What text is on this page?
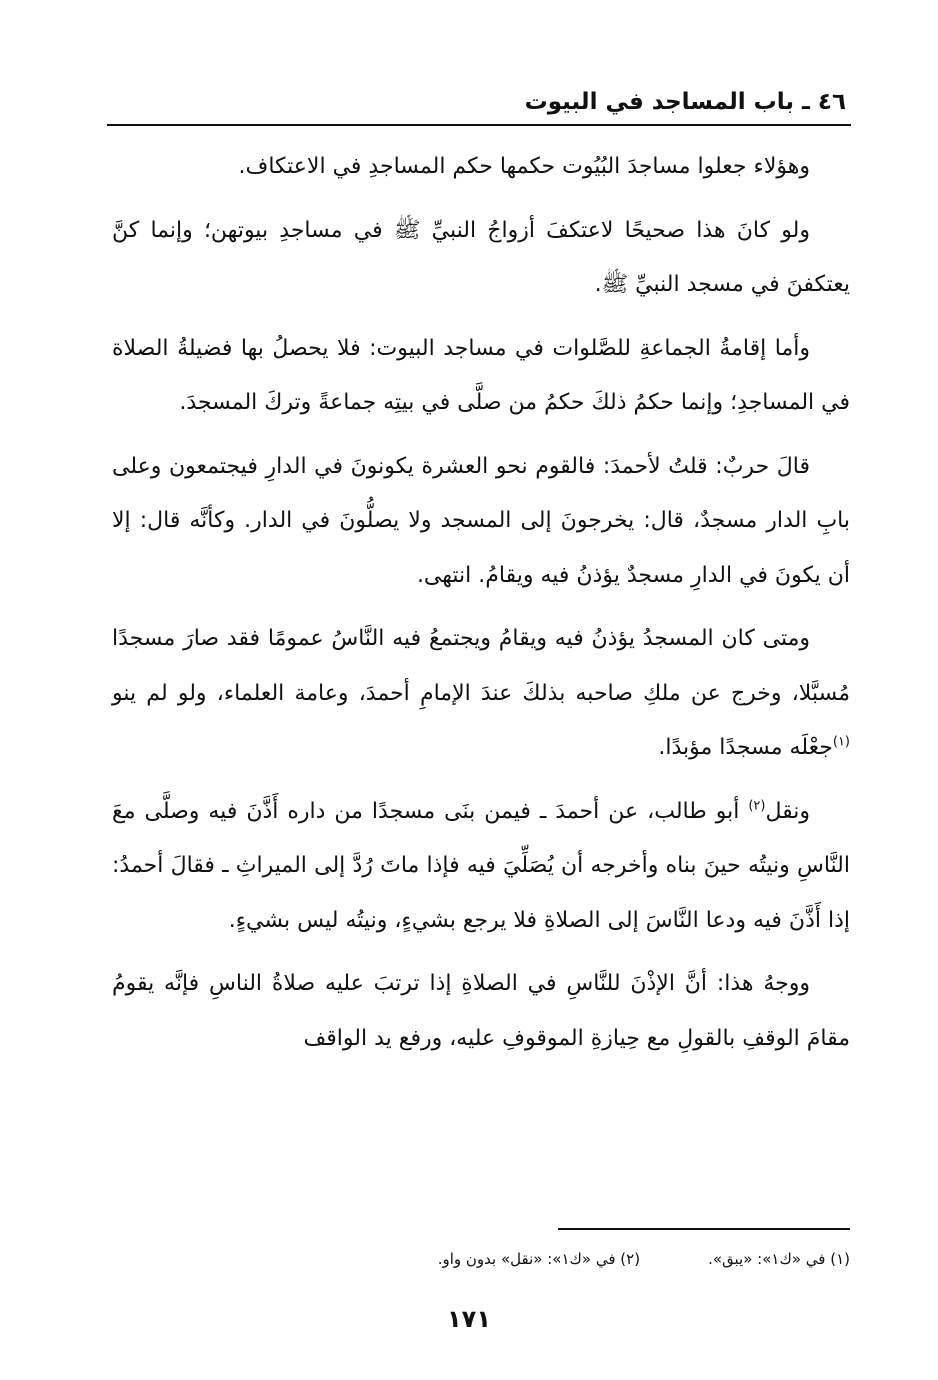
٤٦ ـ باب المساجد في البيوت

وهؤلاء جعلوا مساجدَ البُيُوت حكمها حكم المساجدِ في الاعتكاف.

ولو كانَ هذا صحيحًا لاعتكفَ أزواجُ النبيِّ ﷺ في مساجدِ بيوتهن؛ وإنما كنَّ يعتكفنَ في مسجد النبيِّ ﷺ.

وأما إقامةُ الجماعةِ للصَّلوات في مساجد البيوت: فلا يحصلُ بها فضيلةُ الصلاة في المساجدِ؛ وإنما حكمُ ذلكَ حكمُ من صلَّى في بيتِه جماعةً وتركَ المسجدَ.

قالَ حربٌ: قلتُ لأحمدَ: فالقوم نحو العشرة يكونونَ في الدارِ فيجتمعون وعلى بابِ الدار مسجدٌ، قال: يخرجونَ إلى المسجد ولا يصلُّونَ في الدار. وكأنَّه قال: إلا أن يكونَ في الدارِ مسجدٌ يؤذنُ فيه ويقامُ. انتهى.

ومتى كان المسجدُ يؤذنُ فيه ويقامُ ويجتمعُ فيه النَّاسُ عمومًا فقد صارَ مسجدًا مُسبَّلا، وخرج عن ملكِ صاحبه بذلكَ عندَ الإمامِ أحمدَ، وعامة العلماء، ولو لم ينو $^{(١)}$جعْلَه مسجدًا مؤبدًا.

ونقل$^{(٢)}$ أبو طالب، عن أحمدَ ـ فيمن بنَى مسجدًا من داره أَذَّنَ فيه وصلَّى معَ النَّاسِ ونيتُه حينَ بناه وأخرجه أن يُصَلِّيَ فيه فإذا ماتَ رُدَّ إلى الميراثِ ـ فقالَ أحمدُ: إذا أَذَّنَ فيه ودعا النَّاسَ إلى الصلاةِ فلا يرجع بشيءٍ، ونيتُه ليس بشيءٍ.

ووجهُ هذا: أنَّ الإذْنَ للنَّاسِ في الصلاةِ إذا ترتبَ عليه صلاةُ الناسِ فإنَّه يقومُ مقامَ الوقفِ بالقولِ مع حِيازةِ الموقوفِ عليه، ورفع يد الواقف

(١) في «ك١»: «يبق».(٢) في «ك١»: «نقل» بدون واو.
١٧١
